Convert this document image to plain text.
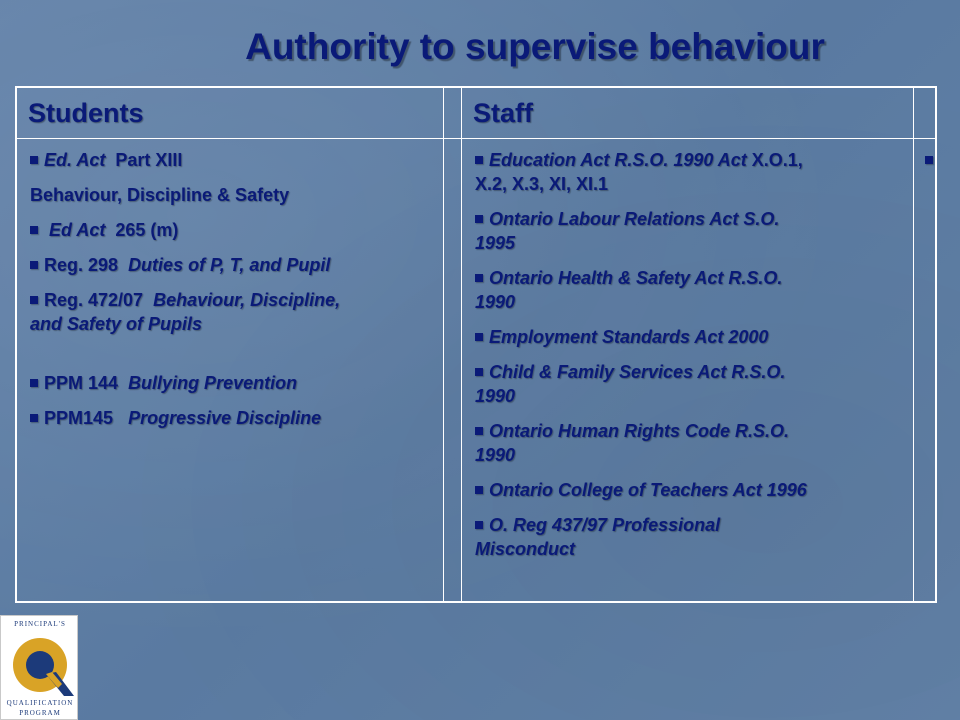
Authority to supervise behaviour
Students	Staff

Ed. Act Part XIII

Behaviour, Discipline & Safety

Ed Act 265 (m)

Reg. 298 Duties of P, T, and Pupil

Reg. 472/07 Behaviour, Discipline,
and Safety of Pupils

PPM 144 Bullying Prevention

PPM145 Progressive Discipline

Education Act R.S.O. 1990 Act X.O.1,
X.2, X.3, XI, XI.1

Ontario Labour Relations Act S.O.
1995

Ontario Health & Safety Act R.S.O.
1990

Employment Standards Act 2000

Child & Family Services Act R.S.O.
1990

Ontario Human Rights Code R.S.O.
1990

Ontario College of Teachers Act 1996

O. Reg 437/97 Professional
Misconduct

PRINCIPAL'S
QUALIFICATION
PROGRAM
